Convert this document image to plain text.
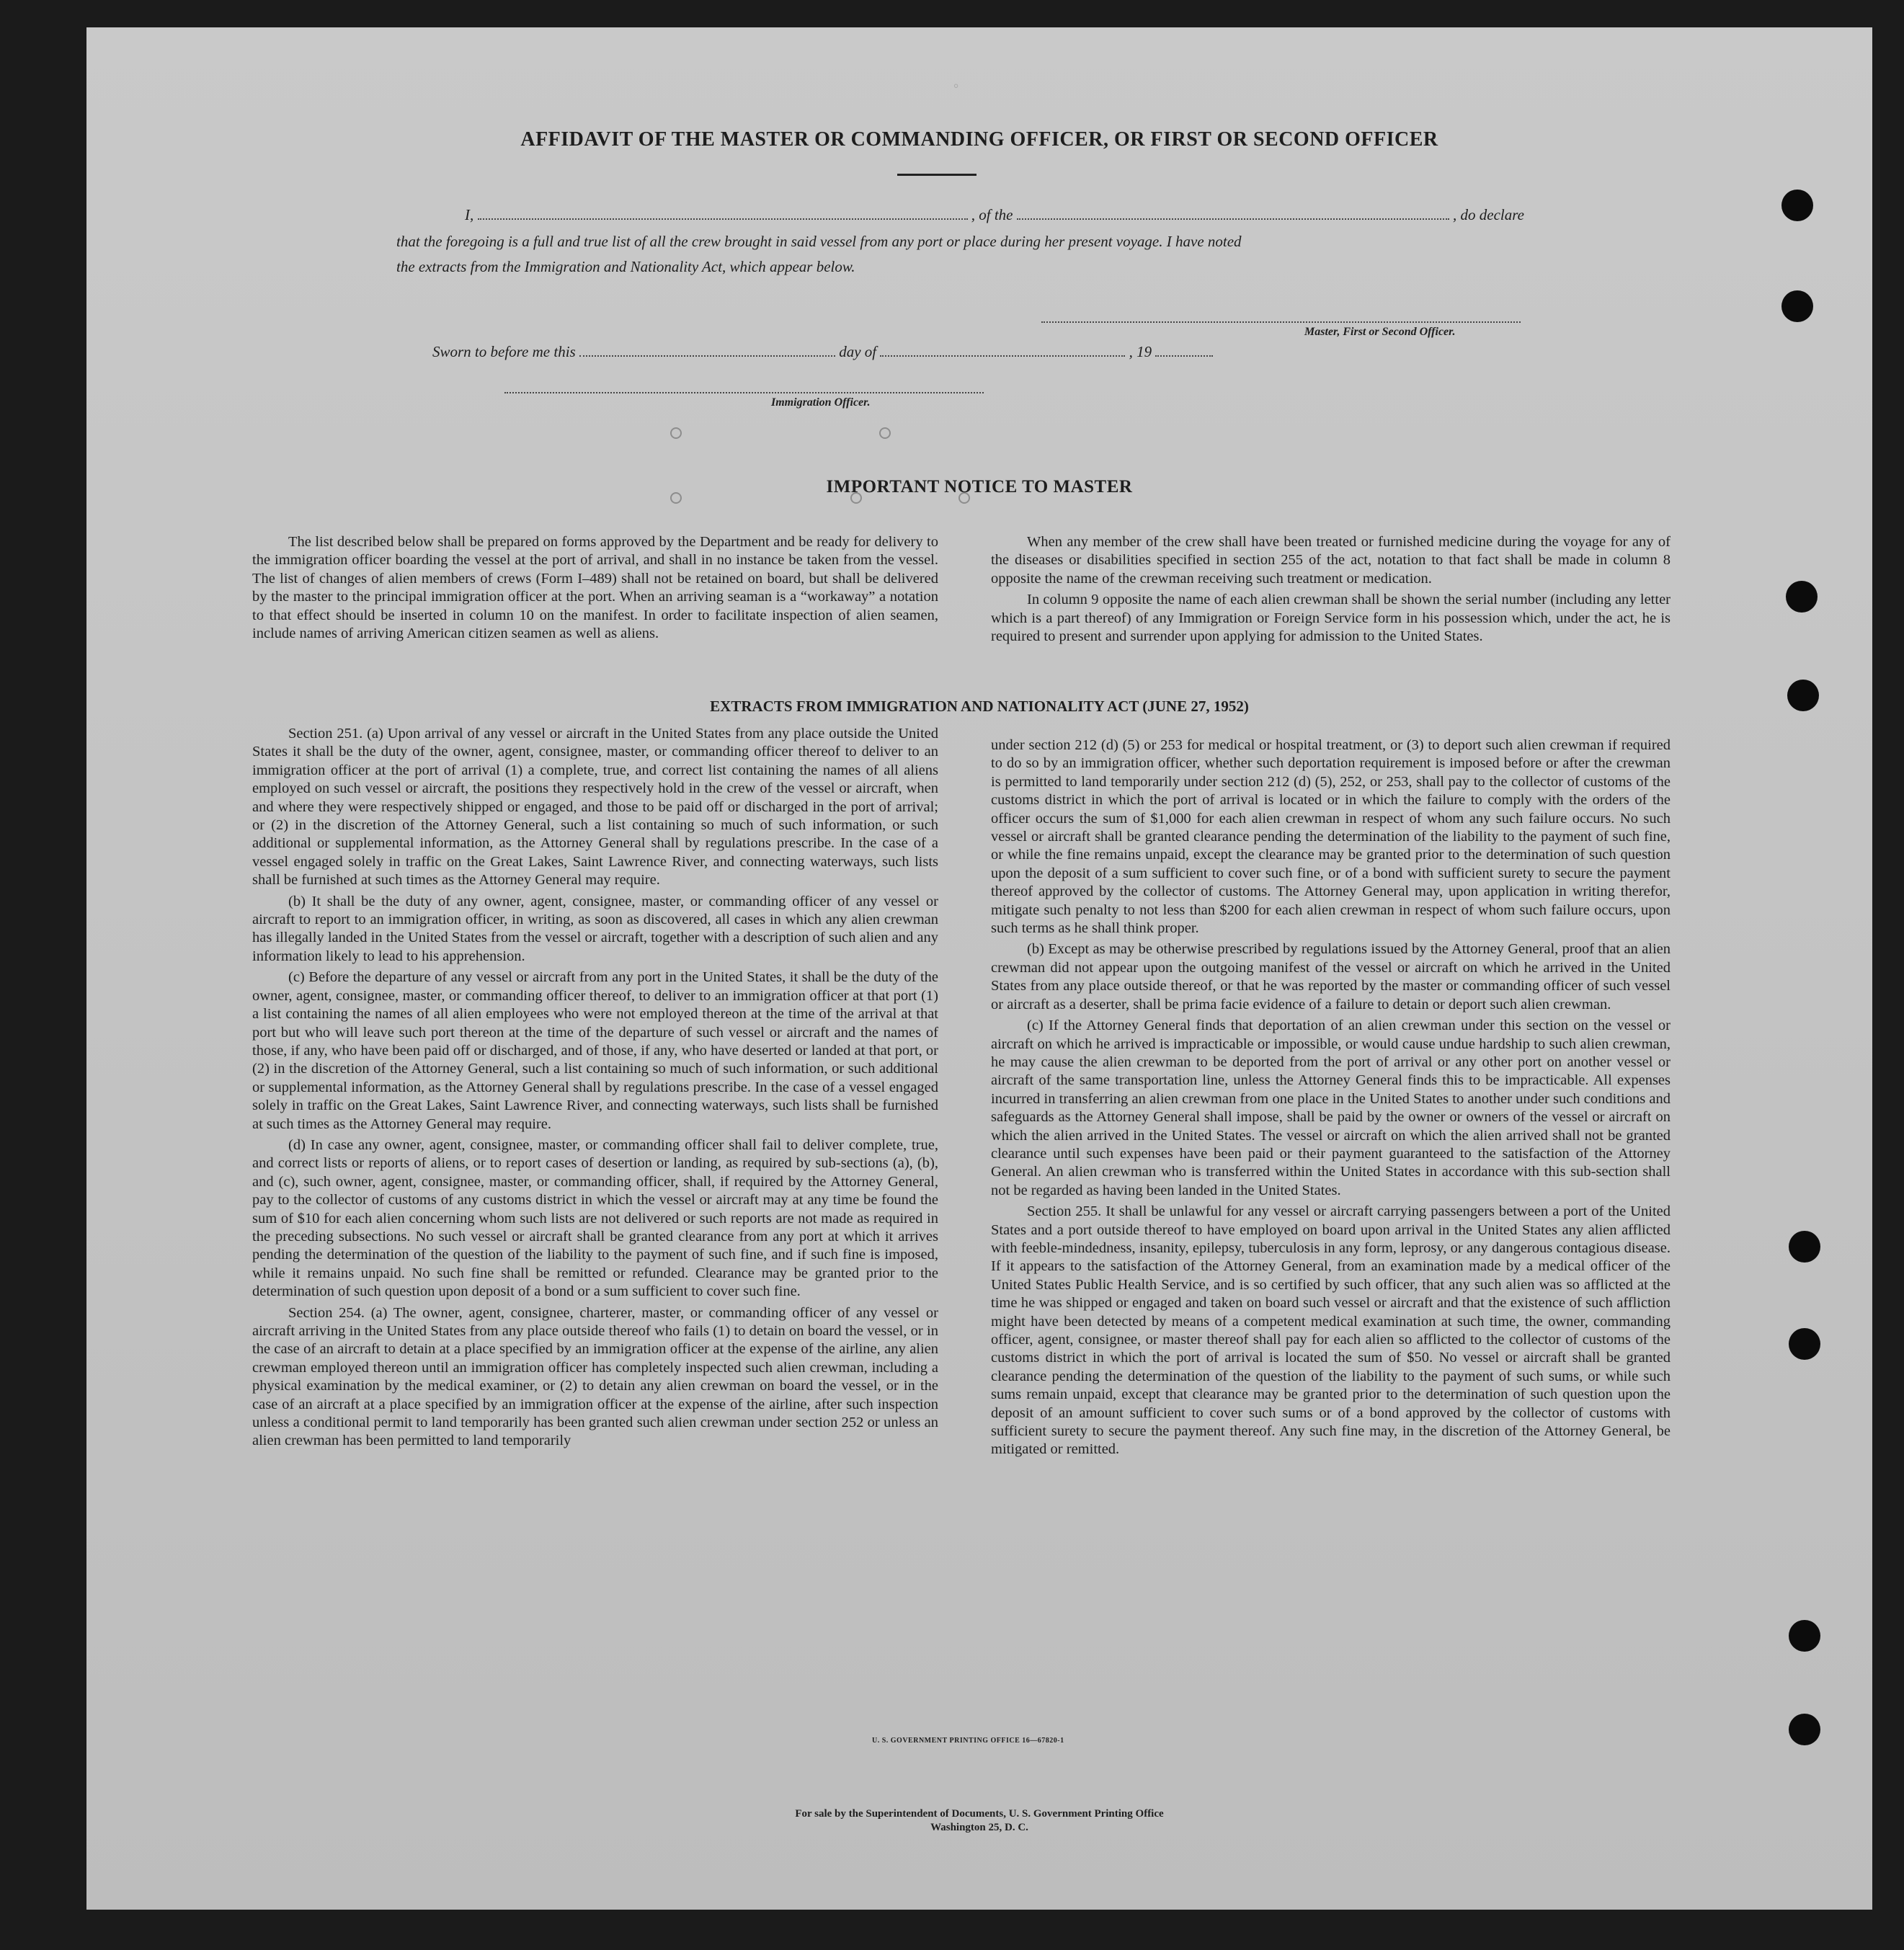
◦
AFFIDAVIT OF THE MASTER OR COMMANDING OFFICER, OR FIRST OR SECOND OFFICER
I,	, of the	, do declare
that the foregoing is a full and true list of all the crew brought in said vessel from any port or place during her present voyage. I have noted
the extracts from the Immigration and Nationality Act, which appear below.
Master, First or Second Officer.
Sworn to before me this	day of	, 19
Immigration Officer.
IMPORTANT NOTICE TO MASTER

The list described below shall be prepared on forms approved by the Department and be ready for delivery to the immigration officer boarding the vessel at the port of arrival, and shall in no instance be taken from the vessel. The list of changes of alien members of crews (Form I–489) shall not be retained on board, but shall be delivered by the master to the principal immigration officer at the port. When an arriving seaman is a “workaway” a notation to that effect should be inserted in column 10 on the manifest. In order to facilitate inspection of alien seamen, include names of arriving American citizen seamen as well as aliens.

When any member of the crew shall have been treated or furnished medicine during the voyage for any of the diseases or disabilities specified in section 255 of the act, notation to that fact shall be made in column 8 opposite the name of the crewman receiving such treatment or medication.

In column 9 opposite the name of each alien crewman shall be shown the serial number (including any letter which is a part thereof) of any Immigration or Foreign Service form in his possession which, under the act, he is required to present and surrender upon applying for admission to the United States.

EXTRACTS FROM IMMIGRATION AND NATIONALITY ACT (JUNE 27, 1952)

Section 251. (a) Upon arrival of any vessel or aircraft in the United States from any place outside the United States it shall be the duty of the owner, agent, consignee, master, or commanding officer thereof to deliver to an immigration officer at the port of arrival (1) a complete, true, and correct list containing the names of all aliens employed on such vessel or aircraft, the positions they respectively hold in the crew of the vessel or aircraft, when and where they were respectively shipped or engaged, and those to be paid off or discharged in the port of arrival; or (2) in the discretion of the Attorney General, such a list containing so much of such information, or such additional or supplemental information, as the Attorney General shall by regulations prescribe. In the case of a vessel engaged solely in traffic on the Great Lakes, Saint Lawrence River, and connecting waterways, such lists shall be furnished at such times as the Attorney General may require.

(b) It shall be the duty of any owner, agent, consignee, master, or commanding officer of any vessel or aircraft to report to an immigration officer, in writing, as soon as discovered, all cases in which any alien crewman has illegally landed in the United States from the vessel or aircraft, together with a description of such alien and any information likely to lead to his apprehension.

(c) Before the departure of any vessel or aircraft from any port in the United States, it shall be the duty of the owner, agent, consignee, master, or commanding officer thereof, to deliver to an immigration officer at that port (1) a list containing the names of all alien employees who were not employed thereon at the time of the arrival at that port but who will leave such port thereon at the time of the departure of such vessel or aircraft and the names of those, if any, who have been paid off or discharged, and of those, if any, who have deserted or landed at that port, or (2) in the discretion of the Attorney General, such a list containing so much of such information, or such additional or supplemental information, as the Attorney General shall by regulations prescribe. In the case of a vessel engaged solely in traffic on the Great Lakes, Saint Lawrence River, and connecting waterways, such lists shall be furnished at such times as the Attorney General may require.

(d) In case any owner, agent, consignee, master, or commanding officer shall fail to deliver complete, true, and correct lists or reports of aliens, or to report cases of desertion or landing, as required by sub-sections (a), (b), and (c), such owner, agent, consignee, master, or commanding officer, shall, if required by the Attorney General, pay to the collector of customs of any customs district in which the vessel or aircraft may at any time be found the sum of $10 for each alien concerning whom such lists are not delivered or such reports are not made as required in the preceding subsections. No such vessel or aircraft shall be granted clearance from any port at which it arrives pending the determination of the question of the liability to the payment of such fine, and if such fine is imposed, while it remains unpaid. No such fine shall be remitted or refunded. Clearance may be granted prior to the determination of such question upon deposit of a bond or a sum sufficient to cover such fine.

Section 254. (a) The owner, agent, consignee, charterer, master, or commanding officer of any vessel or aircraft arriving in the United States from any place outside thereof who fails (1) to detain on board the vessel, or in the case of an aircraft to detain at a place specified by an immigration officer at the expense of the airline, any alien crewman employed thereon until an immigration officer has completely inspected such alien crewman, including a physical examination by the medical examiner, or (2) to detain any alien crewman on board the vessel, or in the case of an aircraft at a place specified by an immigration officer at the expense of the airline, after such inspection unless a conditional permit to land temporarily has been granted such alien crewman under section 252 or unless an alien crewman has been permitted to land temporarily

under section 212 (d) (5) or 253 for medical or hospital treatment, or (3) to deport such alien crewman if required to do so by an immigration officer, whether such deportation requirement is imposed before or after the crewman is permitted to land temporarily under section 212 (d) (5), 252, or 253, shall pay to the collector of customs of the customs district in which the port of arrival is located or in which the failure to comply with the orders of the officer occurs the sum of $1,000 for each alien crewman in respect of whom any such failure occurs. No such vessel or aircraft shall be granted clearance pending the determination of the liability to the payment of such fine, or while the fine remains unpaid, except the clearance may be granted prior to the determination of such question upon the deposit of a sum sufficient to cover such fine, or of a bond with sufficient surety to secure the payment thereof approved by the collector of customs. The Attorney General may, upon application in writing therefor, mitigate such penalty to not less than $200 for each alien crewman in respect of whom such failure occurs, upon such terms as he shall think proper.

(b) Except as may be otherwise prescribed by regulations issued by the Attorney General, proof that an alien crewman did not appear upon the outgoing manifest of the vessel or aircraft on which he arrived in the United States from any place outside thereof, or that he was reported by the master or commanding officer of such vessel or aircraft as a deserter, shall be prima facie evidence of a failure to detain or deport such alien crewman.

(c) If the Attorney General finds that deportation of an alien crewman under this section on the vessel or aircraft on which he arrived is impracticable or impossible, or would cause undue hardship to such alien crewman, he may cause the alien crewman to be deported from the port of arrival or any other port on another vessel or aircraft of the same transportation line, unless the Attorney General finds this to be impracticable. All expenses incurred in transferring an alien crewman from one place in the United States to another under such conditions and safeguards as the Attorney General shall impose, shall be paid by the owner or owners of the vessel or aircraft on which the alien arrived in the United States. The vessel or aircraft on which the alien arrived shall not be granted clearance until such expenses have been paid or their payment guaranteed to the satisfaction of the Attorney General. An alien crewman who is transferred within the United States in accordance with this sub-section shall not be regarded as having been landed in the United States.

Section 255. It shall be unlawful for any vessel or aircraft carrying passengers between a port of the United States and a port outside thereof to have employed on board upon arrival in the United States any alien afflicted with feeble-mindedness, insanity, epilepsy, tuberculosis in any form, leprosy, or any dangerous contagious disease. If it appears to the satisfaction of the Attorney General, from an examination made by a medical officer of the United States Public Health Service, and is so certified by such officer, that any such alien was so afflicted at the time he was shipped or engaged and taken on board such vessel or aircraft and that the existence of such affliction might have been detected by means of a competent medical examination at such time, the owner, commanding officer, agent, consignee, or master thereof shall pay for each alien so afflicted to the collector of customs of the customs district in which the port of arrival is located the sum of $50. No vessel or aircraft shall be granted clearance pending the determination of the question of the liability to the payment of such sums, or while such sums remain unpaid, except that clearance may be granted prior to the determination of such question upon the deposit of an amount sufficient to cover such sums or of a bond approved by the collector of customs with sufficient surety to secure the payment thereof. Any such fine may, in the discretion of the Attorney General, be mitigated or remitted.

U. S. GOVERNMENT PRINTING OFFICE 16—67820-1
For sale by the Superintendent of Documents, U. S. Government Printing Office
Washington 25, D. C.
